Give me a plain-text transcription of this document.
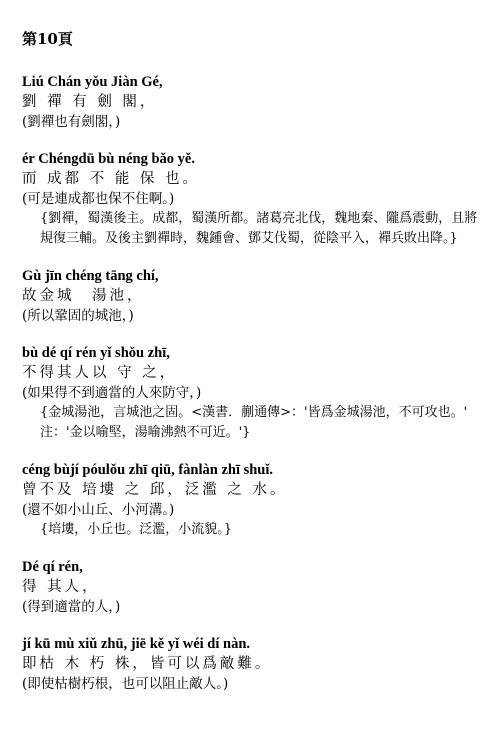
第10頁
Liú Chán yǒu Jiàn Gé,
劉 禪 有 劍 閣，
(劉禪也有劍閣，)
ér Chéngdū bù néng bǎo yě.
而 成都 不 能 保 也。
(可是連成都也保不住啊。)
{劉禪，蜀漢後主。成都，蜀漢所都。諸葛亮北伐，魏地秦、隴爲震動，且將規復三輔。及後主劉禪時，魏鍾會、鄧艾伐蜀，從陰平入，禪兵敗出降。}
Gù jīn chéng tāng chí,
故金城　湯池，
(所以鞏固的城池，)
bù dé qí rén yǐ shǒu zhī,
不得其人以 守 之，
(如果得不到適當的人來防守，)
{金城湯池，言城池之固。<漢書．蒯通傳>：'皆爲金城湯池，不可攻也。' 注：'金以喻堅，湯喻沸熱不可近。'}
céng bùjí póulǒu zhī qiū, fànlàn zhī shuǐ.
曾不及 培塿 之 邱，泛濫 之 水。
(還不如小山丘、小河溝。)
{培塿，小丘也。泛濫，小流貌。}
Dé qí rén,
得 其人，
(得到適當的人，)
jí kū mù xiǔ zhū, jiē kě yǐ wéi dí nàn.
即枯 木 朽 株，皆可以爲敵難。
(即使枯樹朽根，也可以阻止敵人。)
